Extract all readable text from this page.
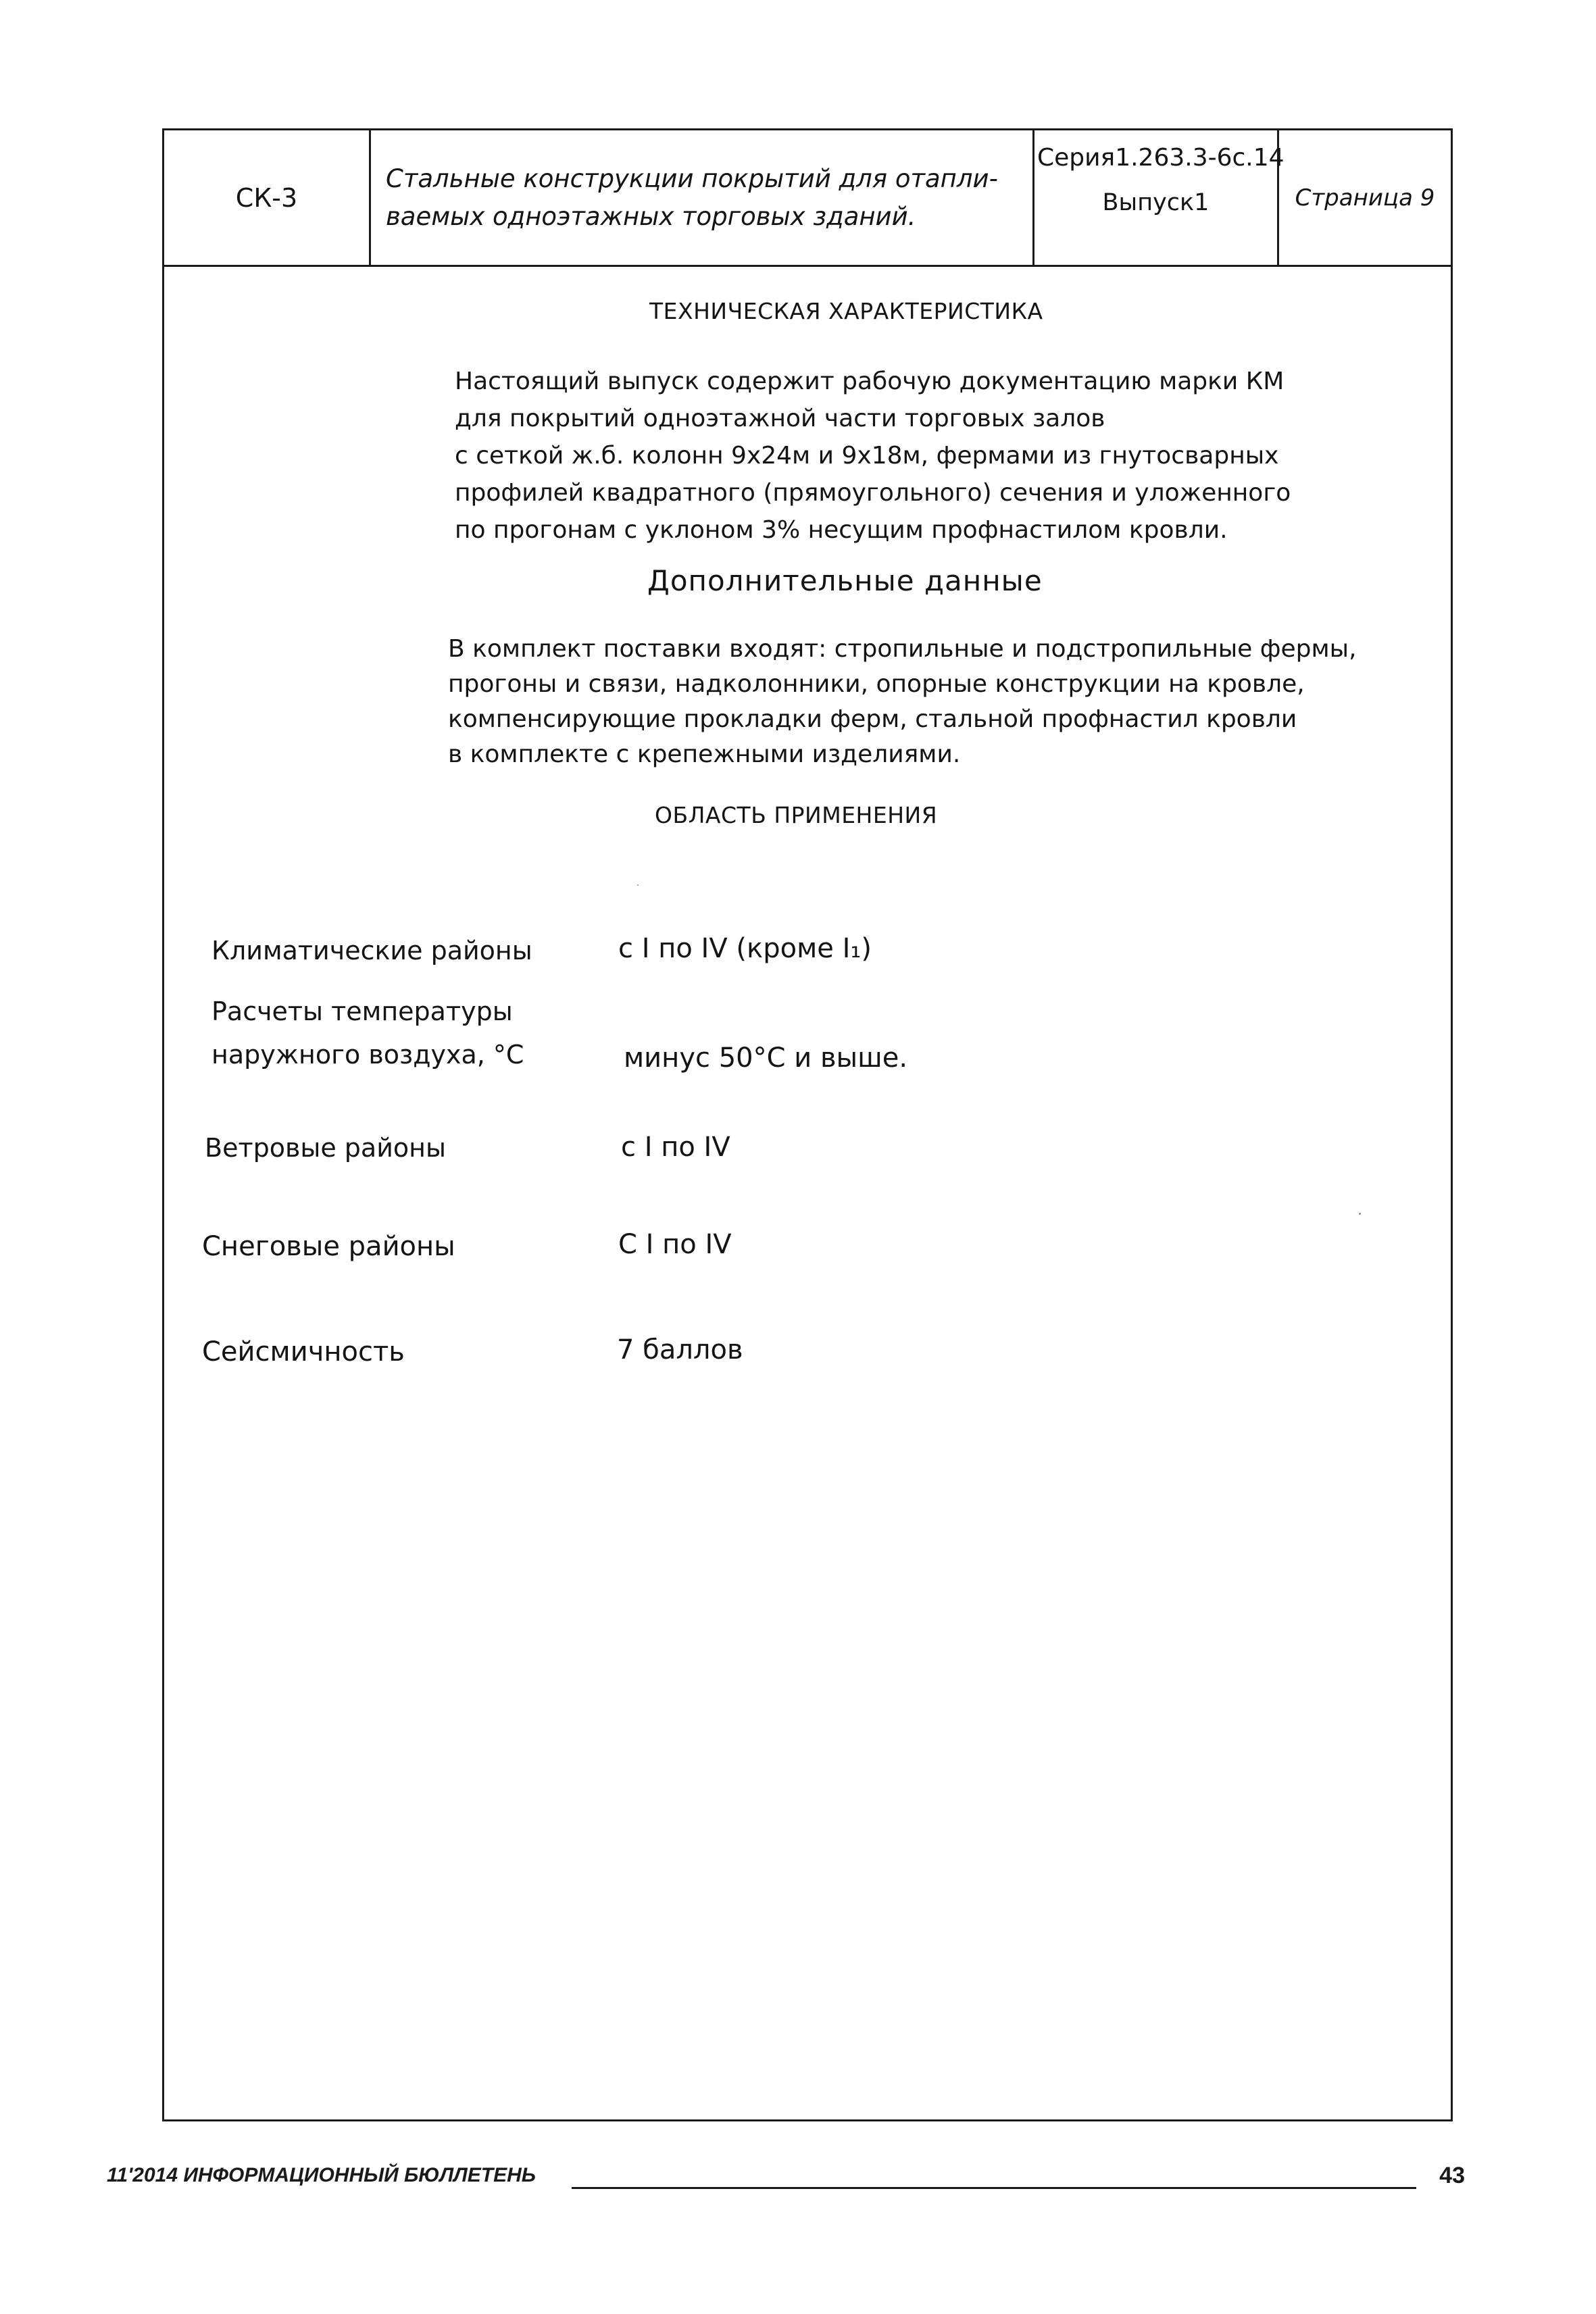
СК-3
Стальные конструкции покрытий для отапли-
ваемых одноэтажных торговых зданий.
Серия1.263.3-6с.14
Выпуск1	Страница 9
ТЕХНИЧЕСКАЯ ХАРАКТЕРИСТИКА
Настоящий выпуск содержит рабочую документацию марки КМ
для покрытий одноэтажной части торговых залов
с сеткой ж.б. колонн 9х24м и 9х18м, фермами из гнутосварных
профилей квадратного (прямоугольного) сечения и уложенного
по прогонам с уклоном 3% несущим профнастилом кровли.
Дополнительные данные
В комплект поставки входят: стропильные и подстропильные фермы,
прогоны и связи, надколонники, опорные конструкции на кровле,
компенсирующие прокладки ферм, стальной профнастил кровли
в комплекте с крепежными изделиями.
ОБЛАСТЬ ПРИМЕНЕНИЯ
Климатические районы	с I по IV (кроме I₁)
Расчеты температуры
наружного воздуха, °С	минус 50°С и выше.
Ветровые районы	с I по IV
Снеговые районы	С I по IV
Сейсмичность	7 баллов
11'2014 ИНФОРМАЦИОННЫЙ БЮЛЛЕТЕНЬ	43
